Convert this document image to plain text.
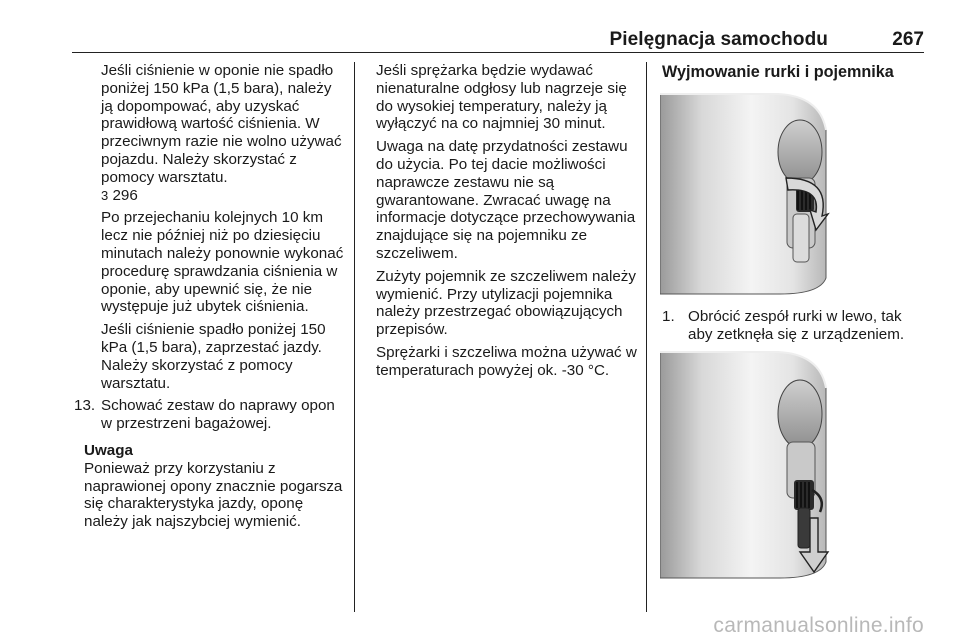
Pielęgnacja samochodu	267

Jeśli ciśnienie w oponie nie spadło poniżej 150 kPa (1,5 bara), należy ją dopompować, aby uzyskać prawidłową wartość ciśnienia. W przeciwnym razie nie wolno używać pojazdu. Należy skorzystać z pomocy warsztatu.
3 296

Po przejechaniu kolejnych 10 km lecz nie później niż po dziesięciu minutach należy ponownie wykonać procedurę sprawdzania ciśnienia w oponie, aby upewnić się, że nie występuje już ubytek ciśnienia.

Jeśli ciśnienie spadło poniżej 150 kPa (1,5 bara), zaprzestać jazdy. Należy skorzystać z pomocy warsztatu.

13. Schować zestaw do naprawy opon w przestrzeni bagażowej.
Uwaga
Ponieważ przy korzystaniu z naprawionej opony znacznie pogarsza się charakterystyka jazdy, oponę należy jak najszybciej wymienić.

Jeśli sprężarka będzie wydawać nienaturalne odgłosy lub nagrzeje się do wysokiej temperatury, należy ją wyłączyć na co najmniej 30 minut.

Uwaga na datę przydatności zestawu do użycia. Po tej dacie możliwości naprawcze zestawu nie są gwarantowane. Zwracać uwagę na informacje dotyczące przechowywania znajdujące się na pojemniku ze szczeliwem.

Zużyty pojemnik ze szczeliwem należy wymienić. Przy utylizacji pojemnika należy przestrzegać obowiązujących przepisów.

Sprężarki i szczeliwa można używać w temperaturach powyżej ok. -30 °C.

Wyjmowanie rurki i pojemnika
1. Obrócić zespół rurki w lewo, tak aby zetknęła się z urządzeniem.
carmanualsonline.info
